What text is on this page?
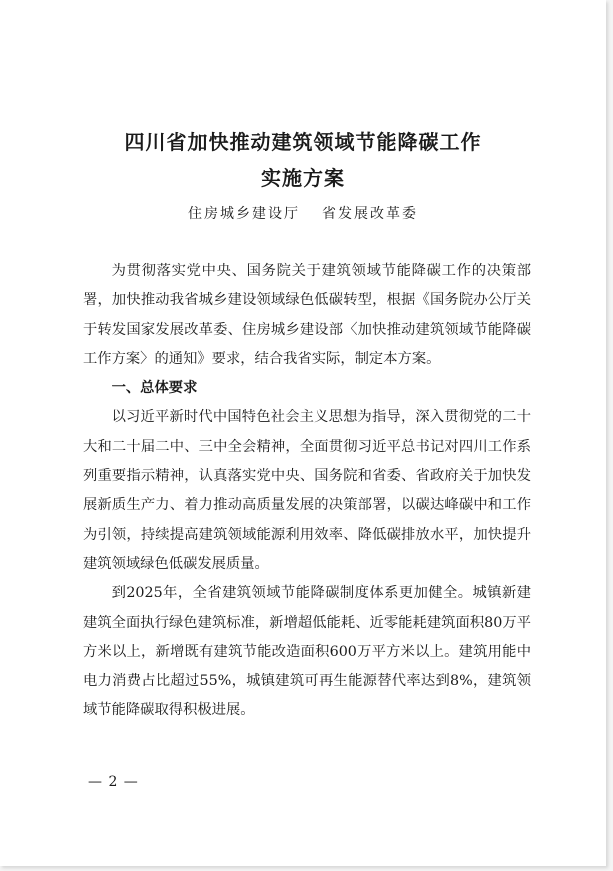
四川省加快推动建筑领域节能降碳工作
实施方案
住房城乡建设厅 省发展改革委

为贯彻落实党中央、国务院关于建筑领域节能降碳工作的决策部署，加快推动我省城乡建设领域绿色低碳转型，根据《国务院办公厅关于转发国家发展改革委、住房城乡建设部〈加快推动建筑领域节能降碳工作方案〉的通知》要求，结合我省实际，制定本方案。

一、总体要求

以习近平新时代中国特色社会主义思想为指导，深入贯彻党的二十大和二十届二中、三中全会精神，全面贯彻习近平总书记对四川工作系列重要指示精神，认真落实党中央、国务院和省委、省政府关于加快发展新质生产力、着力推动高质量发展的决策部署，以碳达峰碳中和工作为引领，持续提高建筑领域能源利用效率、降低碳排放水平，加快提升建筑领域绿色低碳发展质量。

到2025年，全省建筑领域节能降碳制度体系更加健全。城镇新建建筑全面执行绿色建筑标准，新增超低能耗、近零能耗建筑面积80万平方米以上，新增既有建筑节能改造面积600万平方米以上。建筑用能中电力消费占比超过55%，城镇建筑可再生能源替代率达到8%，建筑领域节能降碳取得积极进展。

— 2 —
